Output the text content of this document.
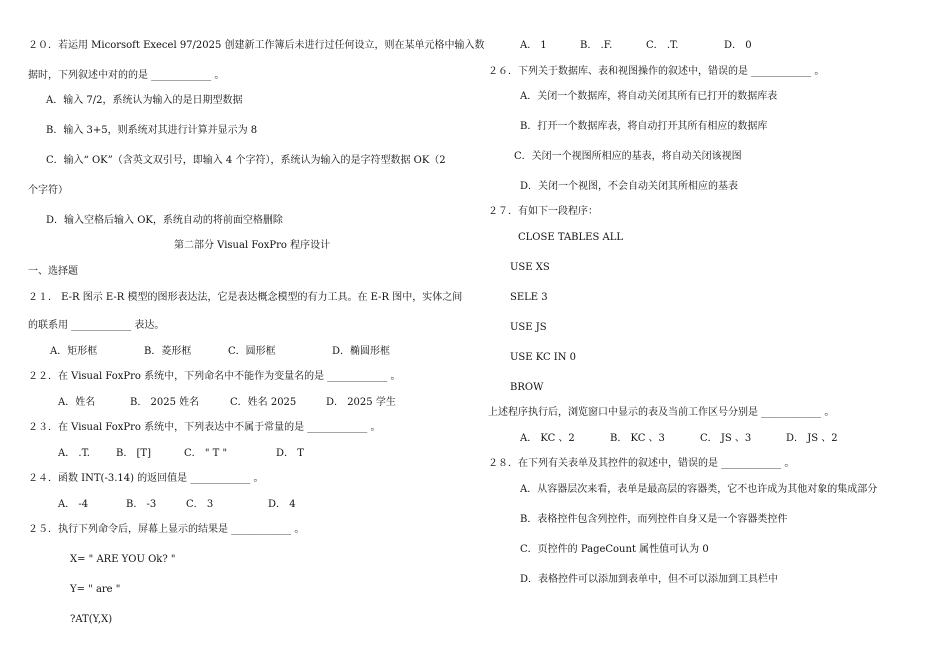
２０．若运用 Micorsoft Execel 97/2025 创建新工作簿后未进行过任何设立，则在某单元格中输入数
据时，下列叙述中对的的是 ____________ 。
A．输入 7/2，系统认为输入的是日期型数据
B．输入 3+5，则系统对其进行计算并显示为 8
C．输入“ OK”（含英文双引号，即输入 4 个字符），系统认为输入的是字符型数据 OK（2
个字符）
D．输入空格后输入 OK，系统自动的将前面空格删除
第二部分 Visual FoxPro 程序设计
一、选择题
２１． E-R 图示 E-R 模型的图形表达法，它是表达概念模型的有力工具。在 E-R 图中，实体之间
的联系用 ____________ 表达。
A．矩形框	B．菱形框	C．圆形框	D．椭圆形框
２２．在 Visual FoxPro 系统中，下列命名中不能作为变量名的是 ____________ 。
A．姓名	B． 2025 姓名	C．姓名 2025	D． 2025 学生
２３．在 Visual FoxPro 系统中，下列表达中不属于常量的是 ____________ 。
A． .T.	B． [T]	C． " T "	D． T
２４．函数 INT(-3.14) 的返回值是 ____________ 。
A． -4	B． -3	C． 3	D． 4
２５．执行下列命令后，屏幕上显示的结果是 ____________ 。
X= " ARE YOU Ok? "
Y= " are "
?AT(Y,X)
A． 1	B． .F.	C． .T.	D． 0
２６．下列关于数据库、表和视图操作的叙述中，错误的是 ____________ 。
A．关闭一个数据库，将自动关闭其所有已打开的数据库表
B．打开一个数据库表，将自动打开其所有相应的数据库
C．关闭一个视图所相应的基表，将自动关闭该视图
D．关闭一个视图，不会自动关闭其所相应的基表
２７．有如下一段程序：
CLOSE TABLES ALL
USE XS
SELE 3
USE JS
USE KC IN 0
BROW
上述程序执行后，浏览窗口中显示的表及当前工作区号分别是 ____________ 。
A． KC 、2	B． KC 、3	C． JS 、3	D． JS 、2
２８．在下列有关表单及其控件的叙述中，错误的是 ____________ 。
A．从容器层次来看，表单是最高层的容器类，它不也许成为其他对象的集成部分
B．表格控件包含列控件，而列控件自身又是一个容器类控件
C．页控件的 PageCount 属性值可认为 0
D．表格控件可以添加到表单中，但不可以添加到工具栏中
